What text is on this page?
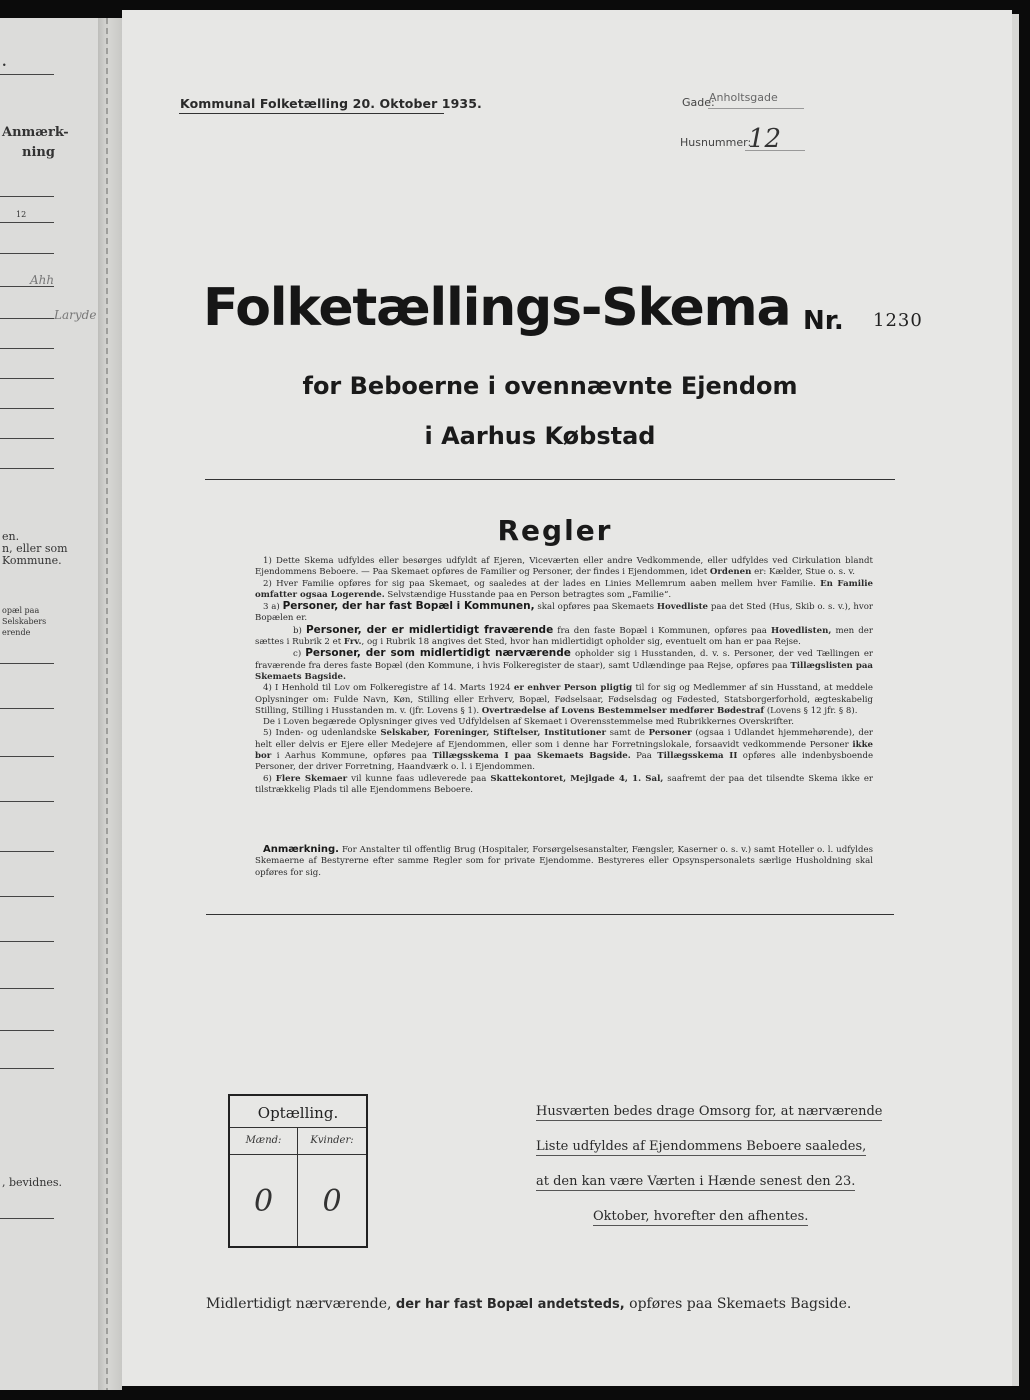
.
Anmærk-
ning
12
Ahh
Laryde
en.
n, eller som
Kommune.
opæl paa
Selskabers
erende
, bevidnes.
Kommunal Folketælling 20. Oktober 1935.	Gade:
Anholtsgade
Husnummer:
12
Folketællings-Skema Nr. 1230
for Beboerne i ovennævnte Ejendom
i Aarhus Købstad
Regler

1) Dette Skema udfyldes eller besørges udfyldt af Ejeren, Viceværten eller andre Vedkommende, eller udfyldes ved Cirkulation blandt Ejendommens Beboere. — Paa Skemaet opføres de Familier og Personer, der findes i Ejendommen, idet Ordenen er: Kælder, Stue o. s. v.

2) Hver Familie opføres for sig paa Skemaet, og saaledes at der lades en Linies Mellemrum aaben mellem hver Familie. En Familie omfatter ogsaa Logerende. Selvstændige Husstande paa en Person betragtes som „Familie“.

3 a) Personer, der har fast Bopæl i Kommunen, skal opføres paa Skemaets Hovedliste paa det Sted (Hus, Skib o. s. v.), hvor Bopælen er.

b) Personer, der er midlertidigt fraværende fra den faste Bopæl i Kommunen, opføres paa Hovedlisten, men der sættes i Rubrik 2 et Frv., og i Rubrik 18 angives det Sted, hvor han midlertidigt opholder sig, eventuelt om han er paa Rejse.

c) Personer, der som midlertidigt nærværende opholder sig i Husstanden, d. v. s. Personer, der ved Tællingen er fraværende fra deres faste Bopæl (den Kommune, i hvis Folkeregister de staar), samt Udlændinge paa Rejse, opføres paa Tillægslisten paa Skemaets Bagside.

4) I Henhold til Lov om Folkeregistre af 14. Marts 1924 er enhver Person pligtig til for sig og Medlemmer af sin Husstand, at meddele Oplysninger om: Fulde Navn, Køn, Stilling eller Erhverv, Bopæl, Fødselsaar, Fødselsdag og Fødested, Statsborgerforhold, ægteskabelig Stilling, Stilling i Husstanden m. v. (jfr. Lovens § 1). Overtrædelse af Lovens Bestemmelser medfører Bødestraf (Lovens § 12 jfr. § 8).

De i Loven begærede Oplysninger gives ved Udfyldelsen af Skemaet i Overensstemmelse med Rubrikkernes Overskrifter.

5) Inden- og udenlandske Selskaber, Foreninger, Stiftelser, Institutioner samt de Personer (ogsaa i Udlandet hjemmehørende), der helt eller delvis er Ejere eller Medejere af Ejendommen, eller som i denne har Forretningslokale, forsaavidt vedkommende Personer ikke bor i Aarhus Kommune, opføres paa Tillægsskema I paa Skemaets Bagside. Paa Tillægsskema II opføres alle indenbysboende Personer, der driver Forretning, Haandværk o. l. i Ejendommen.

6) Flere Skemaer vil kunne faas udleverede paa Skattekontoret, Mejlgade 4, 1. Sal, saafremt der paa det tilsendte Skema ikke er tilstrækkelig Plads til alle Ejendommens Beboere.

Anmærkning. For Anstalter til offentlig Brug (Hospitaler, Forsørgelsesanstalter, Fængsler, Kaserner o. s. v.) samt Hoteller o. l. udfyldes Skemaerne af Bestyrerne efter samme Regler som for private Ejendomme. Bestyreres eller Opsynspersonalets særlige Husholdning skal opføres for sig.

Optælling.
Mænd:	Kvinder:
0	0
Husværten bedes drage Omsorg for, at nærværende
Liste udfyldes af Ejendommens Beboere saaledes,
at den kan være Værten i Hænde senest den 23.
Oktober, hvorefter den afhentes.
Midlertidigt nærværende, der har fast Bopæl andetsteds, opføres paa Skemaets Bagside.
